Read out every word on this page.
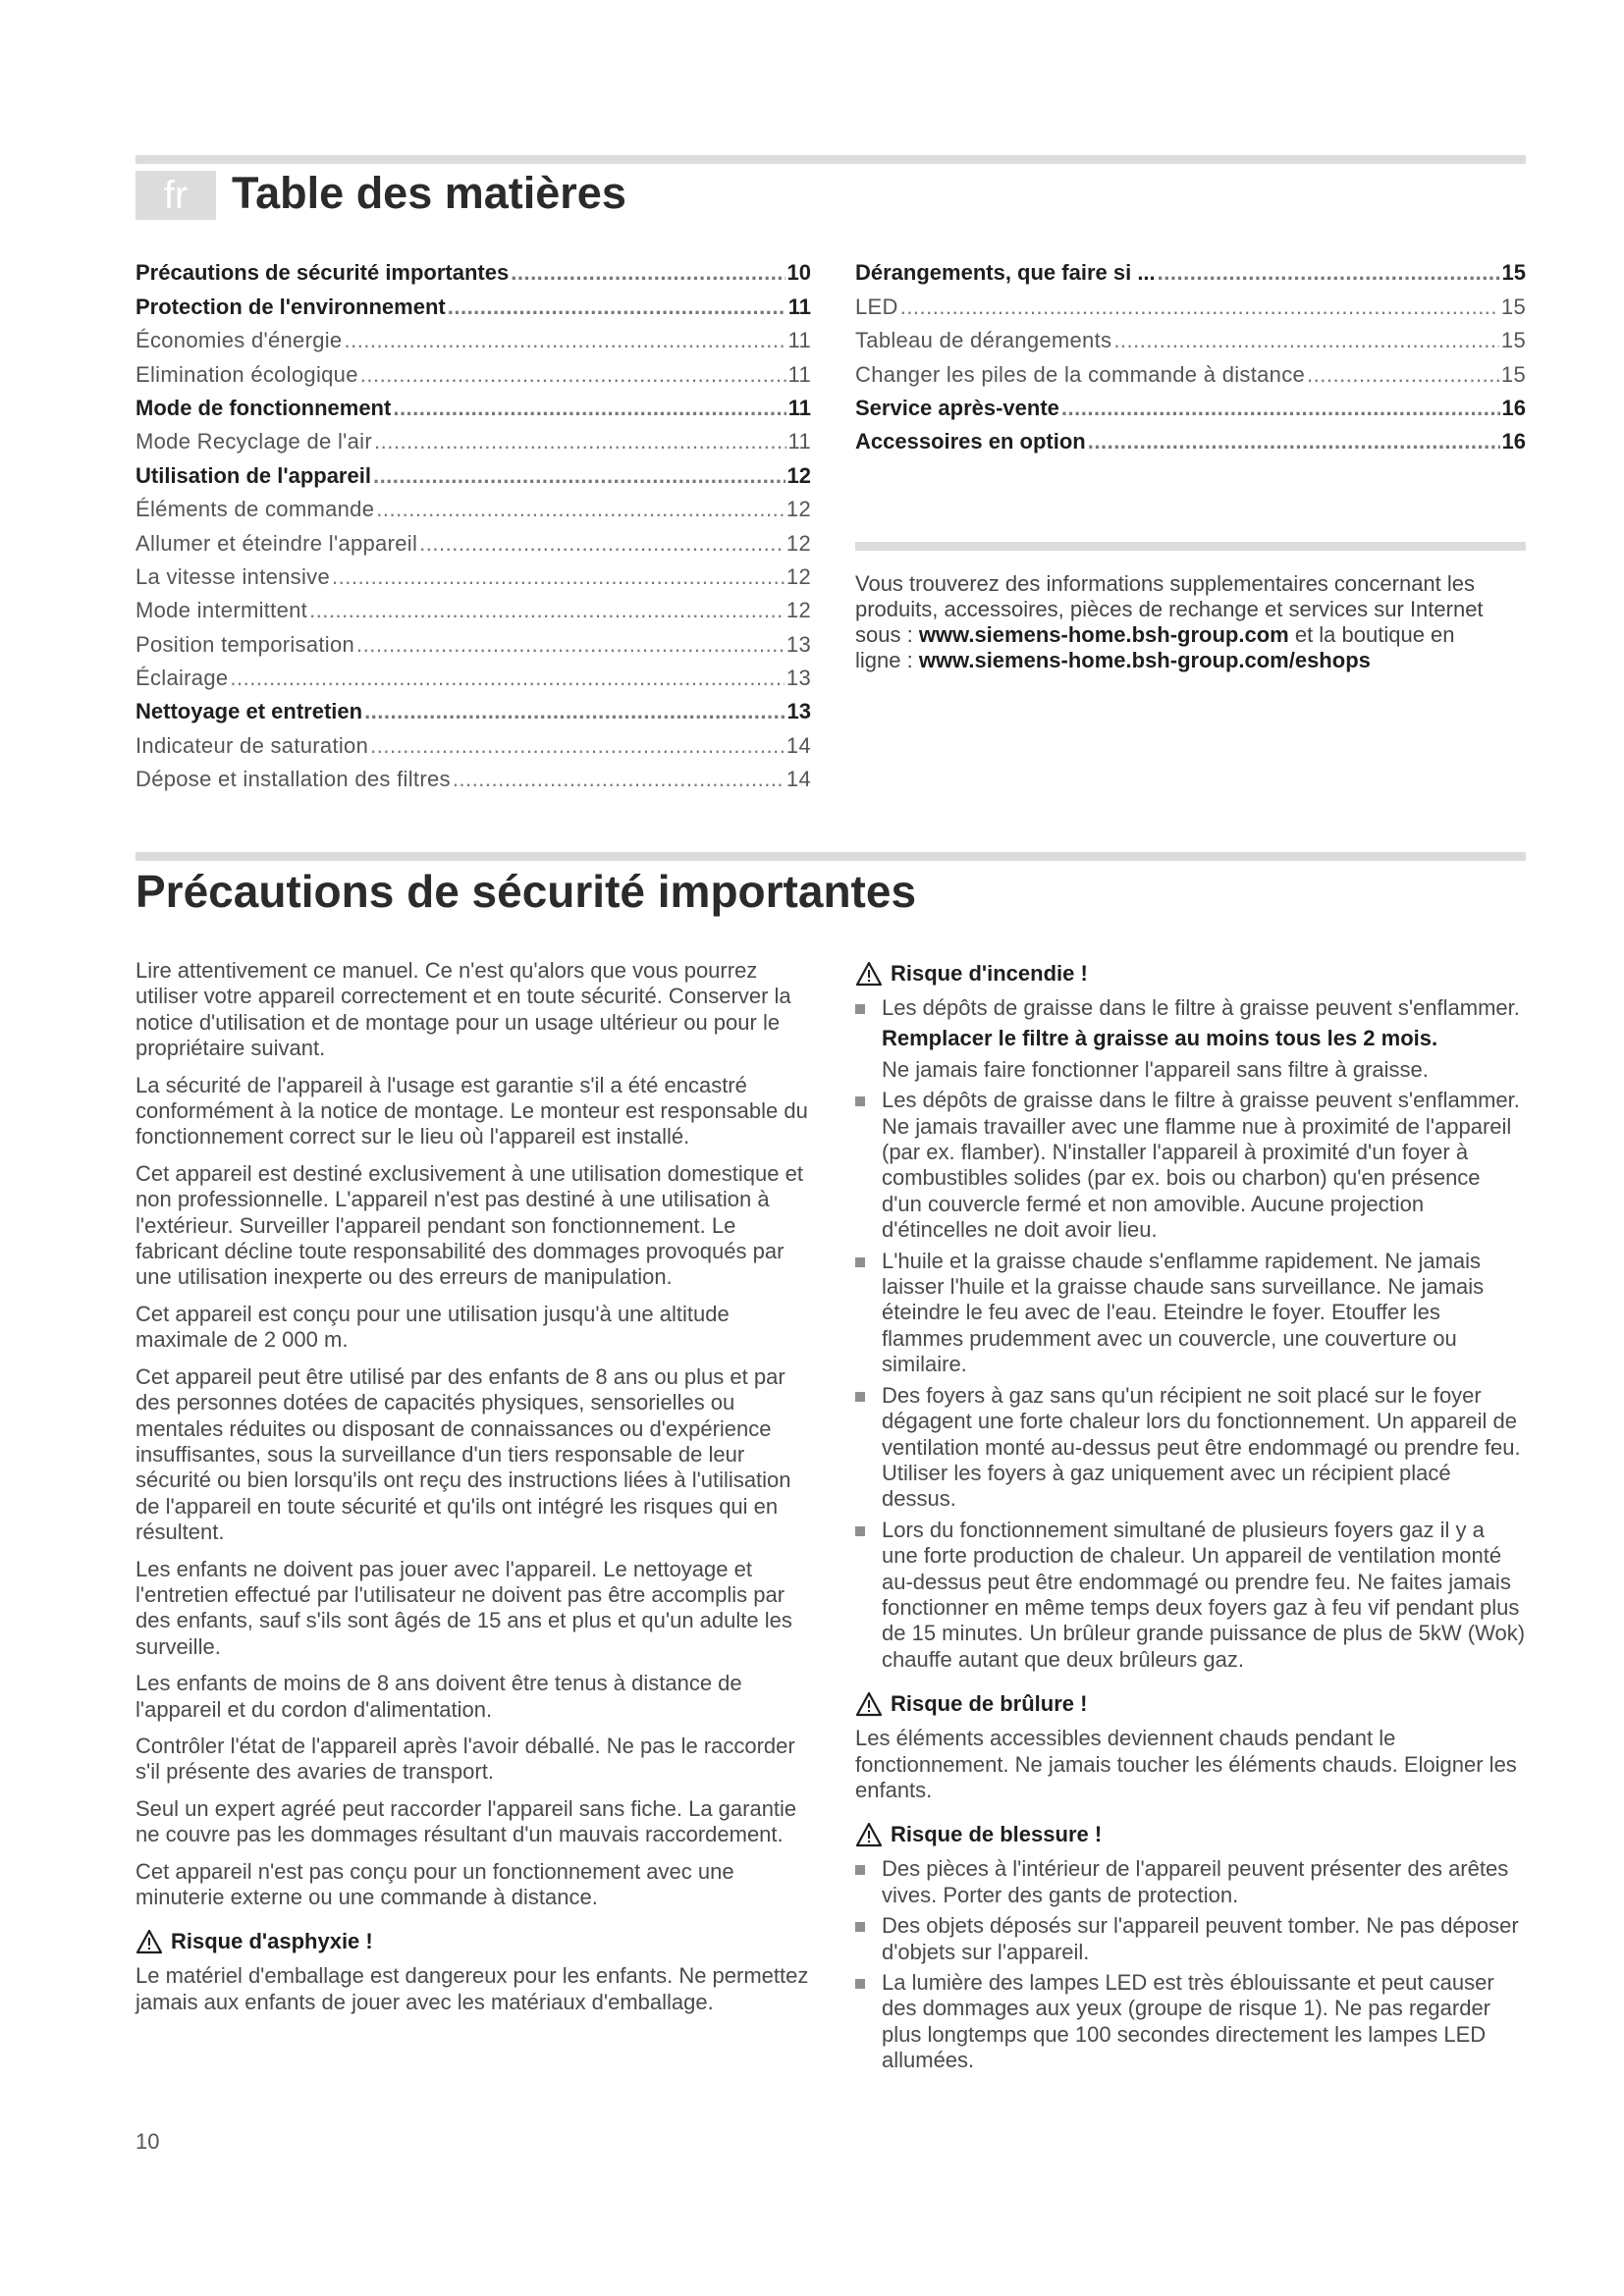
fr Table des matières
Précautions de sécurité importantes .....	10
Protection de l'environnement .....	11
Économies d'énergie .....	11
Elimination écologique .....	11
Mode de fonctionnement .....	11
Mode Recyclage de l'air .....	11
Utilisation de l'appareil .....	12
Éléments de commande .....	12
Allumer et éteindre l'appareil .....	12
La vitesse intensive .....	12
Mode intermittent .....	12
Position temporisation .....	13
Éclairage .....	13
Nettoyage et entretien .....	13
Indicateur de saturation .....	14
Dépose et installation des filtres .....	14
Dérangements, que faire si ... .....	15
LED .....	15
Tableau de dérangements .....	15
Changer les piles de la commande à distance .....	15
Service après-vente .....	16
Accessoires en option .....	16

Vous trouverez des informations supplementaires concernant les produits, accessoires, pièces de rechange et services sur Internet sous : www.siemens-home.bsh-group.com et la boutique en ligne : www.siemens-home.bsh-group.com/eshops

Précautions de sécurité importantes

Lire attentivement ce manuel. Ce n'est qu'alors que vous pourrez utiliser votre appareil correctement et en toute sécurité. Conserver la notice d'utilisation et de montage pour un usage ultérieur ou pour le propriétaire suivant.

La sécurité de l'appareil à l'usage est garantie s'il a été encastré conformément à la notice de montage. Le monteur est responsable du fonctionnement correct sur le lieu où l'appareil est installé.

Cet appareil est destiné exclusivement à une utilisation domestique et non professionnelle. L'appareil n'est pas destiné à une utilisation à l'extérieur. Surveiller l'appareil pendant son fonctionnement. Le fabricant décline toute responsabilité des dommages provoqués par une utilisation inexperte ou des erreurs de manipulation.

Cet appareil est conçu pour une utilisation jusqu'à une altitude maximale de 2 000 m.

Cet appareil peut être utilisé par des enfants de 8 ans ou plus et par des personnes dotées de capacités physiques, sensorielles ou mentales réduites ou disposant de connaissances ou d'expérience insuffisantes, sous la surveillance d'un tiers responsable de leur sécurité ou bien lorsqu'ils ont reçu des instructions liées à l'utilisation de l'appareil en toute sécurité et qu'ils ont intégré les risques qui en résultent.

Les enfants ne doivent pas jouer avec l'appareil. Le nettoyage et l'entretien effectué par l'utilisateur ne doivent pas être accomplis par des enfants, sauf s'ils sont âgés de 15 ans et plus et qu'un adulte les surveille.

Les enfants de moins de 8 ans doivent être tenus à distance de l'appareil et du cordon d'alimentation.

Contrôler l'état de l'appareil après l'avoir déballé. Ne pas le raccorder s'il présente des avaries de transport.

Seul un expert agréé peut raccorder l'appareil sans fiche. La garantie ne couvre pas les dommages résultant d'un mauvais raccordement.

Cet appareil n'est pas conçu pour un fonctionnement avec une minuterie externe ou une commande à distance.

Risque d'asphyxie !

Le matériel d'emballage est dangereux pour les enfants. Ne permettez jamais aux enfants de jouer avec les matériaux d'emballage.

Risque d'incendie !
Les dépôts de graisse dans le filtre à graisse peuvent s'enflammer.
Remplacer le filtre à graisse au moins tous les 2 mois.
Ne jamais faire fonctionner l'appareil sans filtre à graisse.
Les dépôts de graisse dans le filtre à graisse peuvent s'enflammer. Ne jamais travailler avec une flamme nue à proximité de l'appareil (par ex. flamber). N'installer l'appareil à proximité d'un foyer à combustibles solides (par ex. bois ou charbon) qu'en présence d'un couvercle fermé et non amovible. Aucune projection d'étincelles ne doit avoir lieu.
L'huile et la graisse chaude s'enflamme rapidement. Ne jamais laisser l'huile et la graisse chaude sans surveillance. Ne jamais éteindre le feu avec de l'eau. Eteindre le foyer. Etouffer les flammes prudemment avec un couvercle, une couverture ou similaire.
Des foyers à gaz sans qu'un récipient ne soit placé sur le foyer dégagent une forte chaleur lors du fonctionnement. Un appareil de ventilation monté au-dessus peut être endommagé ou prendre feu. Utiliser les foyers à gaz uniquement avec un récipient placé dessus.
Lors du fonctionnement simultané de plusieurs foyers gaz il y a une forte production de chaleur. Un appareil de ventilation monté au-dessus peut être endommagé ou prendre feu. Ne faites jamais fonctionner en même temps deux foyers gaz à feu vif pendant plus de 15 minutes. Un brûleur grande puissance de plus de 5kW (Wok) chauffe autant que deux brûleurs gaz.
Risque de brûlure !

Les éléments accessibles deviennent chauds pendant le fonctionnement. Ne jamais toucher les éléments chauds. Eloigner les enfants.

Risque de blessure !
Des pièces à l'intérieur de l'appareil peuvent présenter des arêtes vives. Porter des gants de protection.
Des objets déposés sur l'appareil peuvent tomber. Ne pas déposer d'objets sur l'appareil.
La lumière des lampes LED est très éblouissante et peut causer des dommages aux yeux (groupe de risque 1). Ne pas regarder plus longtemps que 100 secondes directement les lampes LED allumées.
10
